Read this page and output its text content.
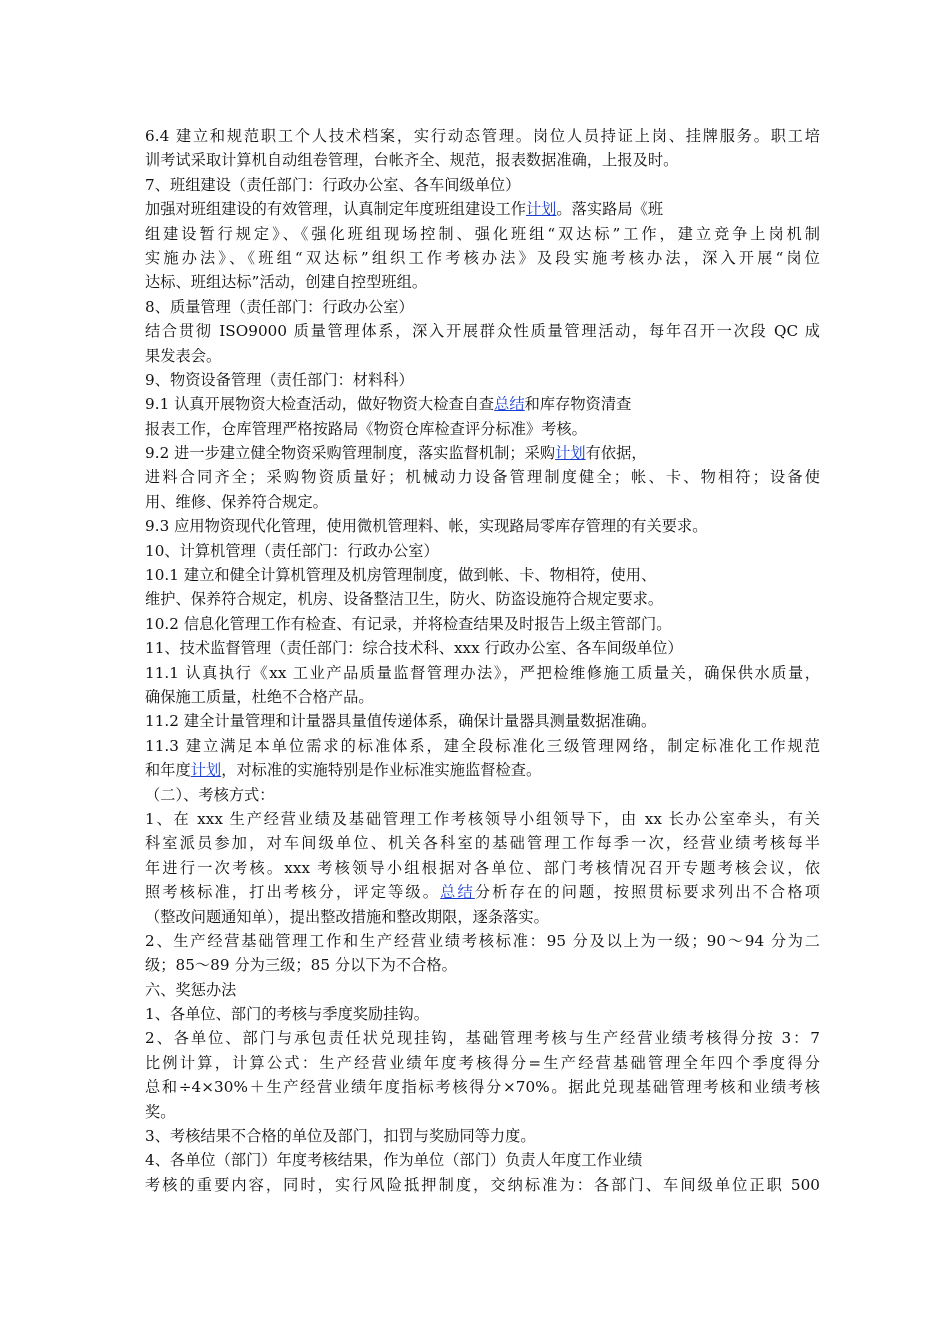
6.4 建立和规范职工个人技术档案，实行动态管理。岗位人员持证上岗、挂牌服务。职工培
训考试采取计算机自动组卷管理，台帐齐全、规范，报表数据准确，上报及时。
7、班组建设（责任部门：行政办公室、各车间级单位）
加强对班组建设的有效管理，认真制定年度班组建设工作计划。落实路局《班
组建设暂行规定》、《强化班组现场控制、强化班组“双达标”工作，建立竞争上岗机制
实施办法》、《班组“双达标”组织工作考核办法》及段实施考核办法，深入开展“岗位
达标、班组达标”活动，创建自控型班组。
8、质量管理（责任部门：行政办公室）
结合贯彻 ISO9000 质量管理体系，深入开展群众性质量管理活动，每年召开一次段 QC 成
果发表会。
9、物资设备管理（责任部门：材料科）
9.1 认真开展物资大检查活动，做好物资大检查自查总结和库存物资清查
报表工作，仓库管理严格按路局《物资仓库检查评分标准》考核。
9.2 进一步建立健全物资采购管理制度，落实监督机制；采购计划有依据，
进料合同齐全；采购物资质量好；机械动力设备管理制度健全；帐、卡、物相符；设备使
用、维修、保养符合规定。
9.3 应用物资现代化管理，使用微机管理料、帐，实现路局零库存管理的有关要求。
10、计算机管理（责任部门：行政办公室）
10.1 建立和健全计算机管理及机房管理制度，做到帐、卡、物相符，使用、
维护、保养符合规定，机房、设备整洁卫生，防火、防盗设施符合规定要求。
10.2 信息化管理工作有检查、有记录，并将检查结果及时报告上级主管部门。
11、技术监督管理（责任部门：综合技术科、xxx 行政办公室、各车间级单位）
11.1 认真执行《xx 工业产品质量监督管理办法》，严把检维修施工质量关，确保供水质量，
确保施工质量，杜绝不合格产品。
11.2 建全计量管理和计量器具量值传递体系，确保计量器具测量数据准确。
11.3 建立满足本单位需求的标准体系，建全段标准化三级管理网络，制定标准化工作规范
和年度计划，对标准的实施特别是作业标准实施监督检查。
（二）、考核方式：
1、在 xxx 生产经营业绩及基础管理工作考核领导小组领导下，由 xx 长办公室牵头，有关
科室派员参加，对车间级单位、机关各科室的基础管理工作每季一次，经营业绩考核每半
年进行一次考核。xxx 考核领导小组根据对各单位、部门考核情况召开专题考核会议，依
照考核标准，打出考核分，评定等级。总结分析存在的问题，按照贯标要求列出不合格项
（整改问题通知单），提出整改措施和整改期限，逐条落实。
2、生产经营基础管理工作和生产经营业绩考核标准：95 分及以上为一级；90～94 分为二
级；85～89 分为三级；85 分以下为不合格。
六、奖惩办法
1、各单位、部门的考核与季度奖励挂钩。
2、各单位、部门与承包责任状兑现挂钩，基础管理考核与生产经营业绩考核得分按 3：7
比例计算，计算公式：生产经营业绩年度考核得分=生产经营基础管理全年四个季度得分
总和÷4×30%＋生产经营业绩年度指标考核得分×70%。据此兑现基础管理考核和业绩考核
奖。
3、考核结果不合格的单位及部门，扣罚与奖励同等力度。
4、各单位（部门）年度考核结果，作为单位（部门）负责人年度工作业绩
考核的重要内容，同时，实行风险抵押制度，交纳标准为：各部门、车间级单位正职 500
